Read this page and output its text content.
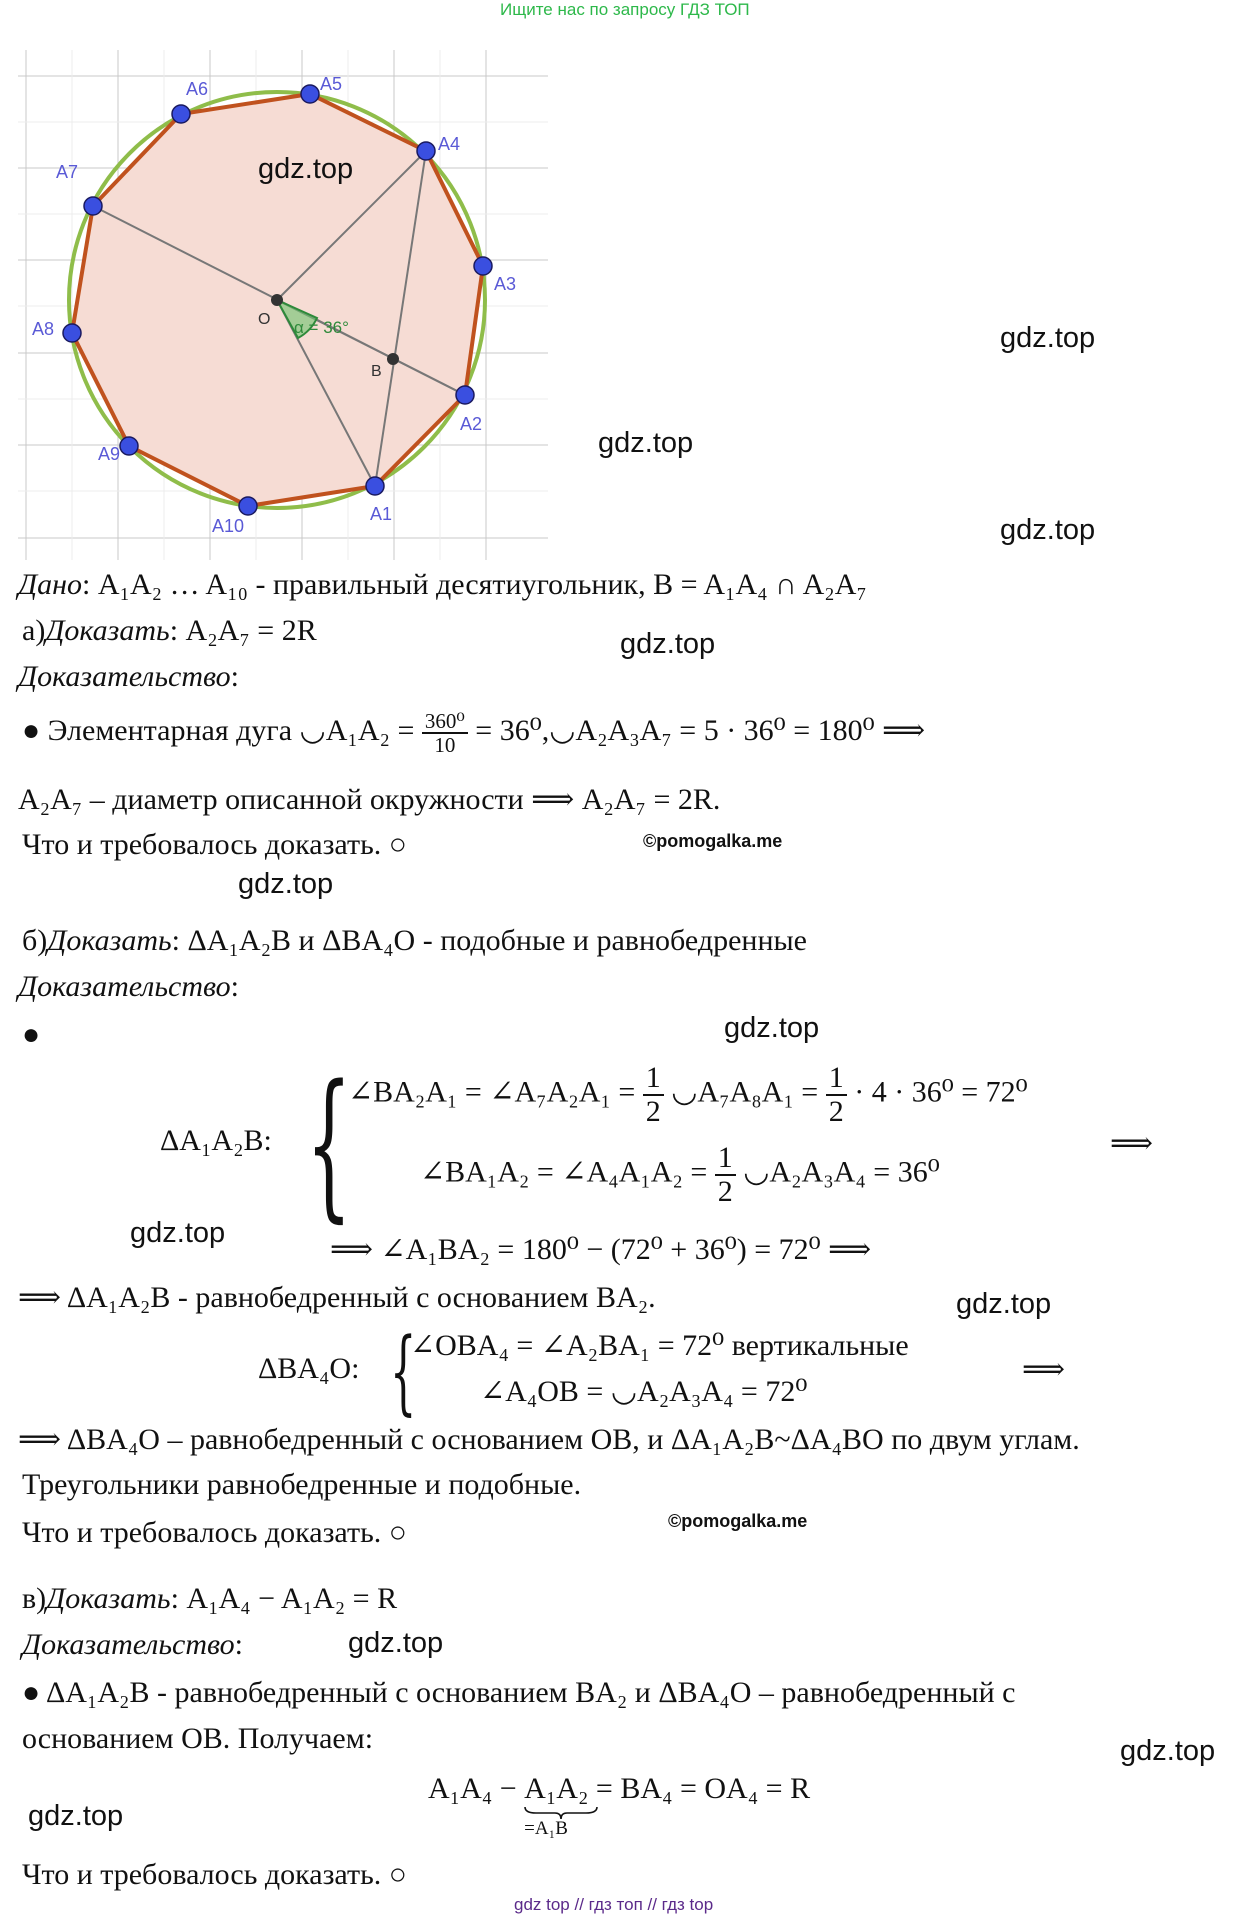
Ищите нас по запросу ГДЗ ТОП
A1
A2
A3
A4
A5
A6
A7
A8
A9
A10
O
B
α = 36°
gdz.top
gdz.top
gdz.top
gdz.top
gdz.top
gdz.top
gdz.top
gdz.top
gdz.top
gdz.top
gdz.top
gdz.top
©pomogalka.me
©pomogalka.me
Дано: A₁A₂ … A₁₀ - правильный десятиугольник, B = A₁A₄ ∩ A₂A₇
а)Доказать: A₂A₇ = 2R
Доказательство:
● Элементарная дуга ◡A₁A₂ = $\frac{\text{360⁰}}{10}$ = 36⁰,◡A₂A₃A₇ = 5 · 36⁰ = 180⁰ ⟹
A₂A₇ – диаметр описанной окружности ⟹ A₂A₇ = 2R.
Что и требовалось доказать. ○
б)Доказать: ΔA₁A₂B и ΔBA₄O - подобные и равнобедренные
Доказательство:
●
ΔA₁A₂B: {
∠BA₂A₁ = ∠A₇A₂A₁ = $\frac{1}{2}$ ◡A₇A₈A₁ = $\frac{1}{2} \cdot 4 \cdot 36^0 = 72^0$
∠BA₁A₂ = ∠A₄A₁A₂ = $\frac{1}{2}$ ◡A₂A₃A₄ = 36⁰
⟹
⟹ ∠A₁BA₂ = 180⁰ − (72⁰ + 36⁰) = 72⁰ ⟹
⟹ ΔA₁A₂B - равнобедренный с основанием BA₂.
ΔBA₄O: {
∠OBA₄ = ∠A₂BA₁ = 72⁰ вертикальные
∠A₄OB = ◡A₂A₃A₄ = 72⁰
⟹
⟹ ΔBA₄O – равнобедренный с основанием OB, и ΔA₁A₂B~ΔA₄BO по двум углам.
Треугольники равнобедренные и подобные.
Что и требовалось доказать. ○
в)Доказать: A₁A₄ − A₁A₂ = R
Доказательство:
● ΔA₁A₂B - равнобедренный с основанием BA₂ и ΔBA₄O – равнобедренный с
основанием OB. Получаем:
A₁A₄ − A₁A₂
=A₁B
= BA₄ = OA₄ = R
Что и требовалось доказать. ○
gdz top // гдз топ // гдз top
